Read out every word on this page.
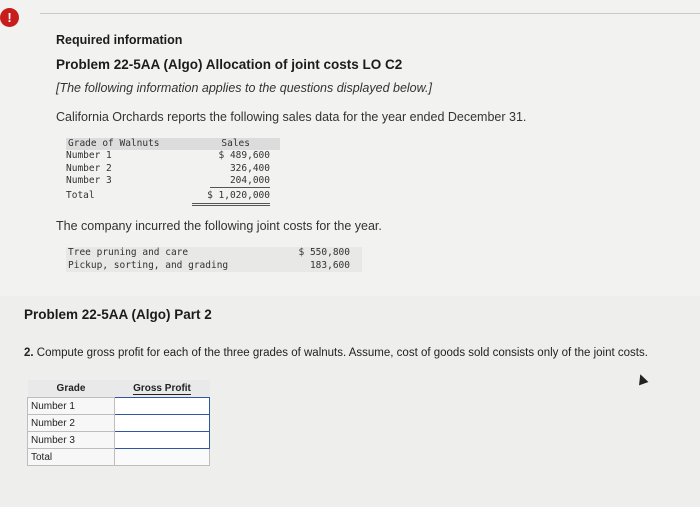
!
Required information
Problem 22-5AA (Algo) Allocation of joint costs LO C2
[The following information applies to the questions displayed below.]
California Orchards reports the following sales data for the year ended December 31.
Grade of Walnuts	Sales
Number 1	$ 489,600
Number 2	326,400
Number 3	204,000
Total	$ 1,020,000
The company incurred the following joint costs for the year.
Tree pruning and care	$ 550,800
Pickup, sorting, and grading	183,600
Problem 22-5AA (Algo) Part 2
2. Compute gross profit for each of the three grades of walnuts. Assume, cost of goods sold consists only of the joint costs.
Grade	Gross Profit
Number 1	
Number 2	
Number 3	
Total	
